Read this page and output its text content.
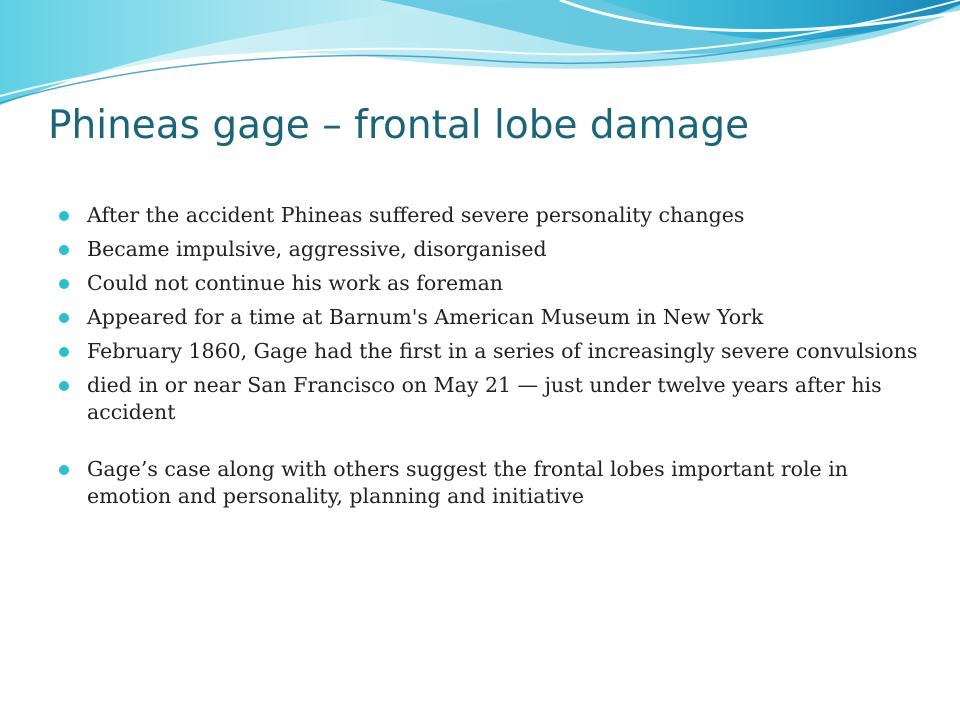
Phineas gage – frontal lobe damage
After the accident Phineas suffered severe personality changes
Became impulsive, aggressive, disorganised
Could not continue his work as foreman
Appeared for a time at Barnum's American Museum in New York
February 1860, Gage had the first in a series of increasingly severe convulsions
died in or near San Francisco on May 21 — just under twelve years after his accident
Gage’s case along with others suggest the frontal lobes important role in emotion and personality, planning and initiative
